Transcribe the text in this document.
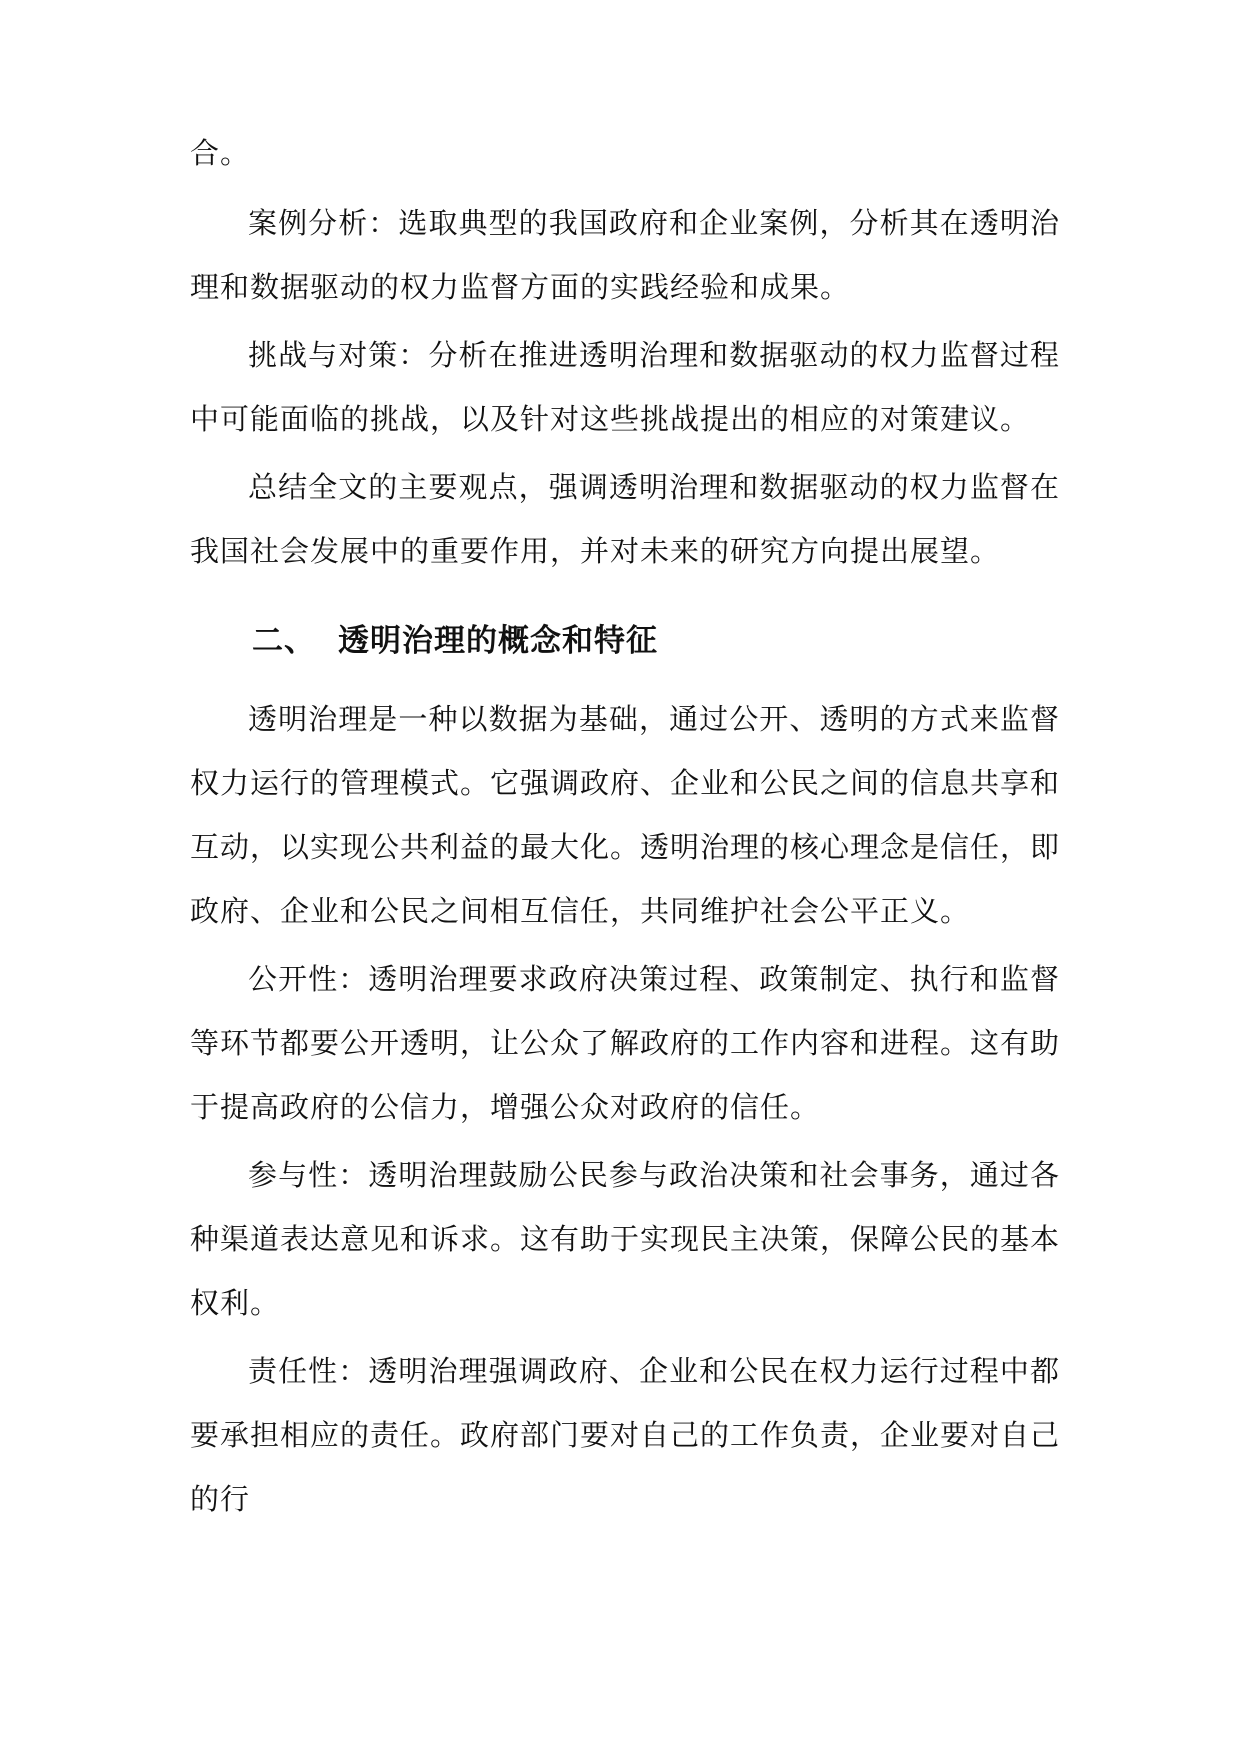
合。

案例分析：选取典型的我国政府和企业案例，分析其在透明治理和数据驱动的权力监督方面的实践经验和成果。

挑战与对策：分析在推进透明治理和数据驱动的权力监督过程中可能面临的挑战，以及针对这些挑战提出的相应的对策建议。

总结全文的主要观点，强调透明治理和数据驱动的权力监督在我国社会发展中的重要作用，并对未来的研究方向提出展望。

二、 透明治理的概念和特征

透明治理是一种以数据为基础，通过公开、透明的方式来监督权力运行的管理模式。它强调政府、企业和公民之间的信息共享和互动，以实现公共利益的最大化。透明治理的核心理念是信任，即政府、企业和公民之间相互信任，共同维护社会公平正义。

公开性：透明治理要求政府决策过程、政策制定、执行和监督等环节都要公开透明，让公众了解政府的工作内容和进程。这有助于提高政府的公信力，增强公众对政府的信任。

参与性：透明治理鼓励公民参与政治决策和社会事务，通过各种渠道表达意见和诉求。这有助于实现民主决策，保障公民的基本权利。

责任性：透明治理强调政府、企业和公民在权力运行过程中都要承担相应的责任。政府部门要对自己的工作负责，企业要对自己的行
